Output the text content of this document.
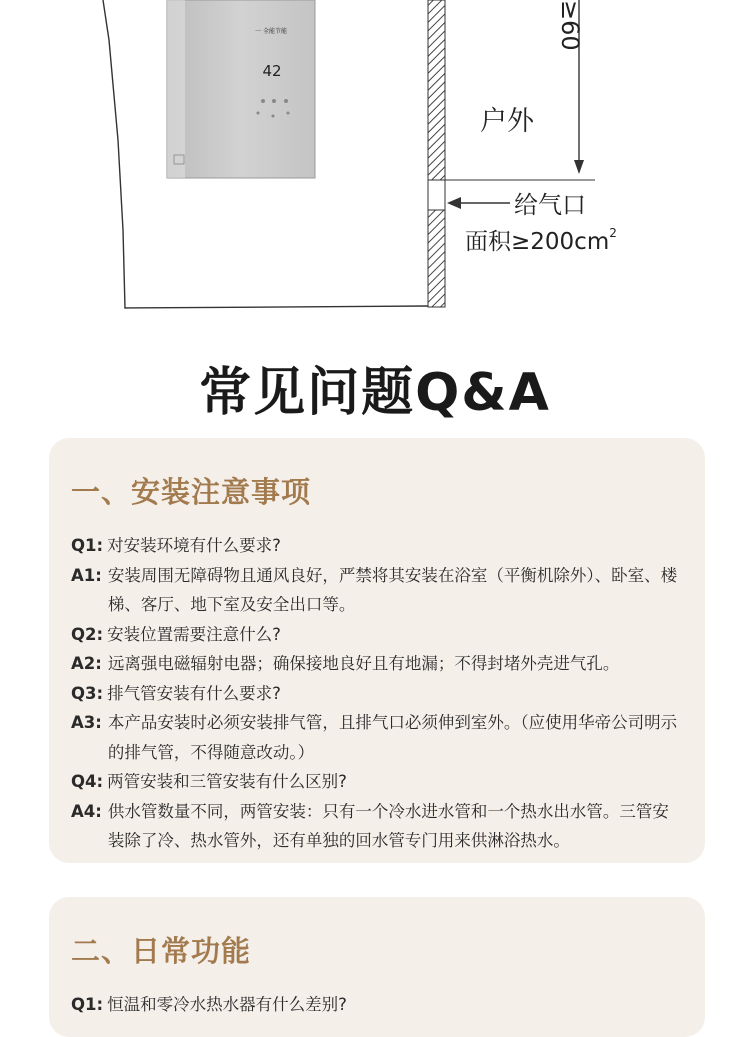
一 全能节能
42
≥60
户外
给气口
面积$\ge 200cm^2$
常见问题Q&A
一、安装注意事项
Q1: 对安装环境有什么要求?
A1: 安装周围无障碍物且通风良好，严禁将其安装在浴室（平衡机除外）、卧室、楼梯、客厅、地下室及安全出口等。
Q2: 安装位置需要注意什么?
A2: 远离强电磁辐射电器；确保接地良好且有地漏；不得封堵外壳进气孔。
Q3: 排气管安装有什么要求?
A3: 本产品安装时必须安装排气管，且排气口必须伸到室外。（应使用华帝公司明示的排气管，不得随意改动。）
Q4: 两管安装和三管安装有什么区别?
A4: 供水管数量不同，两管安装：只有一个冷水进水管和一个热水出水管。三管安装除了冷、热水管外，还有单独的回水管专门用来供淋浴热水。
二、日常功能
Q1: 恒温和零冷水热水器有什么差别?
